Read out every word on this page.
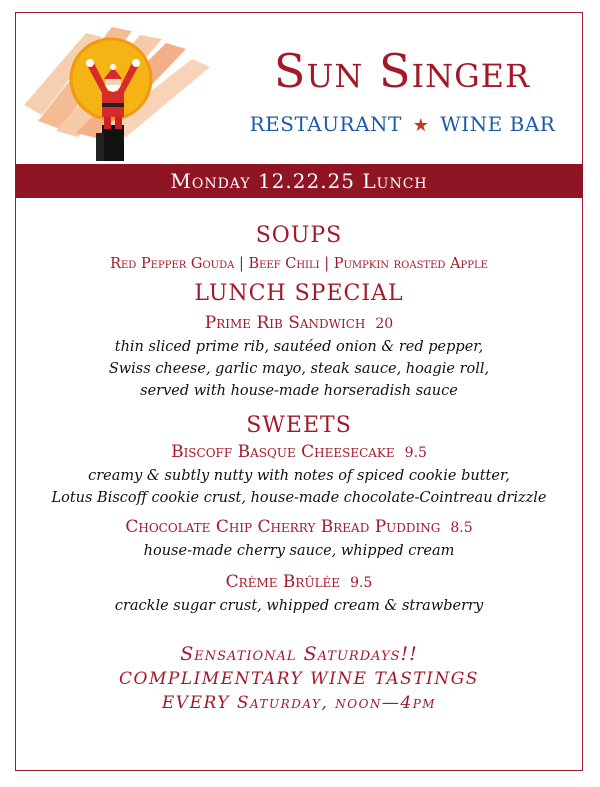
Sun Singer
RESTAURANT ★ WINE BAR
Monday 12.22.25 Lunch
SOUPS
Red Pepper Gouda | Beef Chili | Pumpkin roasted Apple
LUNCH SPECIAL
Prime Rib Sandwich 20
thin sliced prime rib, sautéed onion & red pepper,
Swiss cheese, garlic mayo, steak sauce, hoagie roll,
served with house-made horseradish sauce
SWEETS
Biscoff Basque Cheesecake 9.5
creamy & subtly nutty with notes of spiced cookie butter,
Lotus Biscoff cookie crust, house-made chocolate-Cointreau drizzle
Chocolate Chip Cherry Bread Pudding 8.5
house-made cherry sauce, whipped cream
Crème Brûlée 9.5
crackle sugar crust, whipped cream & strawberry
Sensational Saturdays!!
COMPLIMENTARY WINE TASTINGS
EVERY Saturday, noon—4pm
